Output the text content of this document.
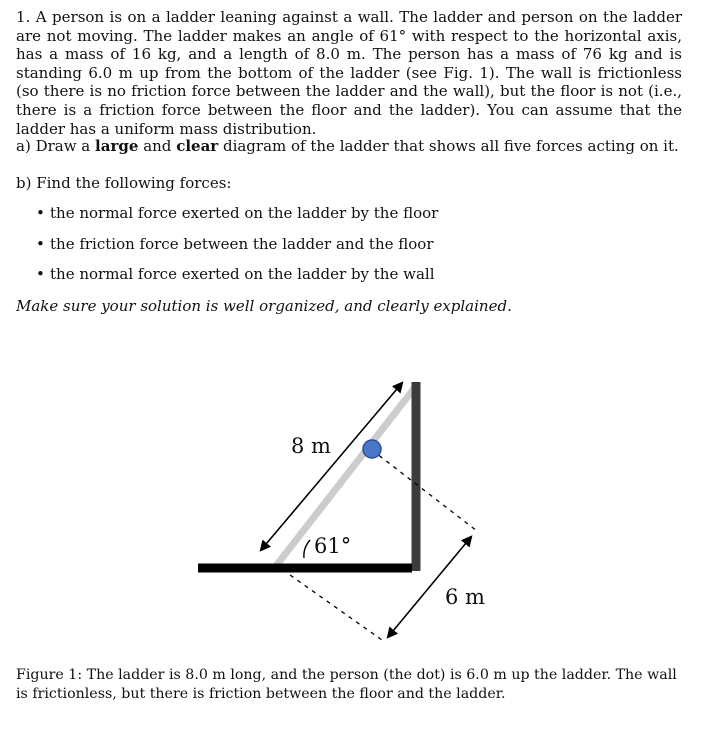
1. A person is on a ladder leaning against a wall. The ladder and person on the ladder are not moving. The ladder makes an angle of 61° with respect to the horizontal axis, has a mass of 16 kg, and a length of 8.0 m. The person has a mass of 76 kg and is standing 6.0 m up from the bottom of the ladder (see Fig. 1). The wall is frictionless (so there is no friction force between the ladder and the wall), but the floor is not (i.e., there is a friction force between the floor and the ladder). You can assume that the ladder has a uniform mass distribution.
a) Draw a large and clear diagram of the ladder that shows all five forces acting on it.
b) Find the following forces:
• the normal force exerted on the ladder by the floor
• the friction force between the ladder and the floor
• the normal force exerted on the ladder by the wall
Make sure your solution is well organized, and clearly explained.
8 m
61°
6 m
Figure 1: The ladder is 8.0 m long, and the person (the dot) is 6.0 m up the ladder. The wall is frictionless, but there is friction between the floor and the ladder.
